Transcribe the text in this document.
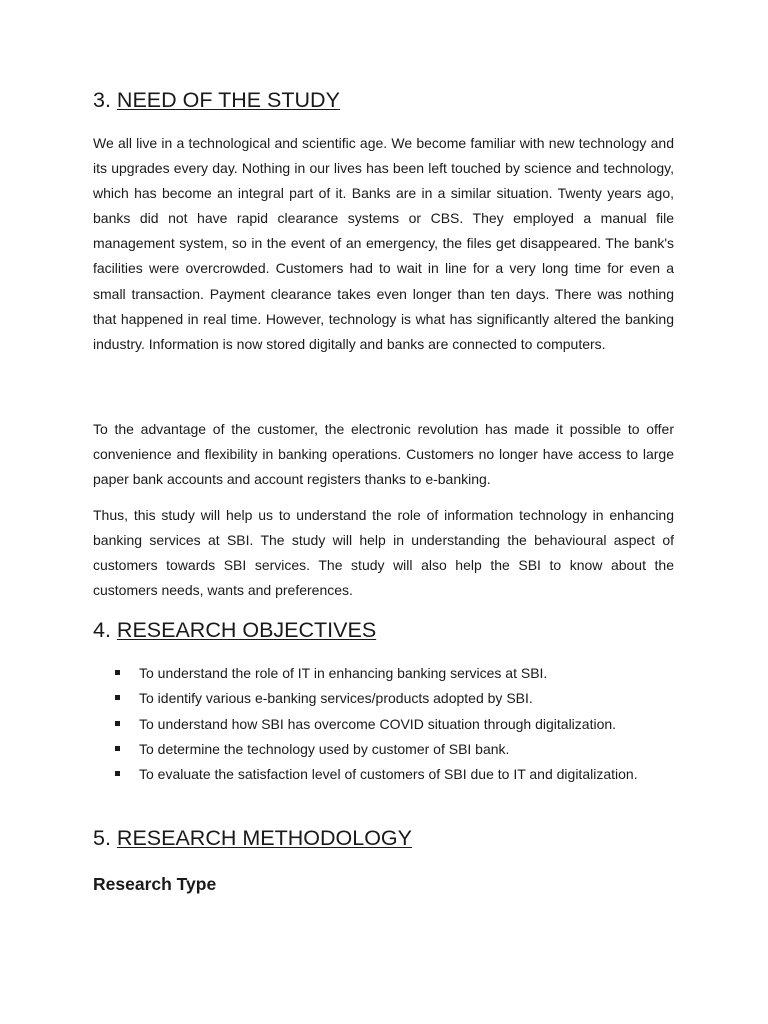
3. NEED OF THE STUDY

We all live in a technological and scientific age. We become familiar with new technology and its upgrades every day. Nothing in our lives has been left touched by science and technology, which has become an integral part of it. Banks are in a similar situation. Twenty years ago, banks did not have rapid clearance systems or CBS. They employed a manual file management system, so in the event of an emergency, the files get disappeared. The bank's facilities were overcrowded. Customers had to wait in line for a very long time for even a small transaction. Payment clearance takes even longer than ten days. There was nothing that happened in real time. However, technology is what has significantly altered the banking industry. Information is now stored digitally and banks are connected to computers.

To the advantage of the customer, the electronic revolution has made it possible to offer convenience and flexibility in banking operations. Customers no longer have access to large paper bank accounts and account registers thanks to e-banking.

Thus, this study will help us to understand the role of information technology in enhancing banking services at SBI. The study will help in understanding the behavioural aspect of customers towards SBI services. The study will also help the SBI to know about the customers needs, wants and preferences.

4. RESEARCH OBJECTIVES
To understand the role of IT in enhancing banking services at SBI.
To identify various e-banking services/products adopted by SBI.
To understand how SBI has overcome COVID situation through digitalization.
To determine the technology used by customer of SBI bank.
To evaluate the satisfaction level of customers of SBI due to IT and digitalization.
5. RESEARCH METHODOLOGY
Research Type
